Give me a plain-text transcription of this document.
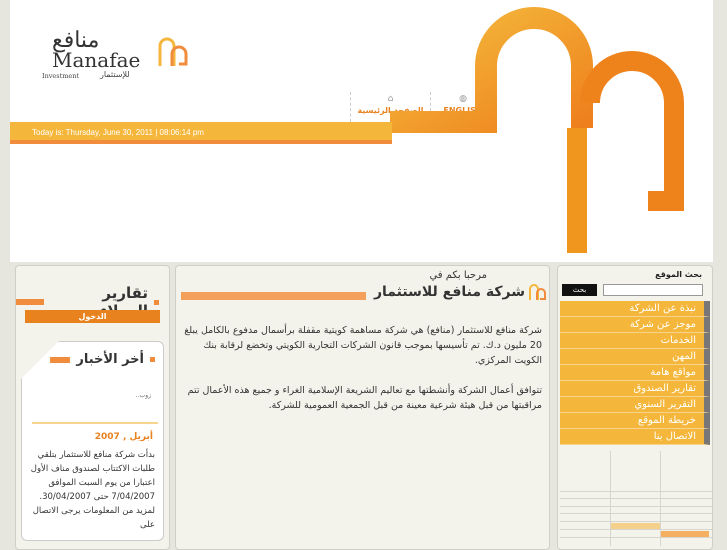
منافع
Manafae
Investment	للإستثمار
⌂
الصفحة الرئيسية
◍
ENGLISH
Today is: Thursday, June 30, 2011 | 08:06:14 pm
تقارير
الدخول
أخر الأخبار
..زوب
أبريل , 2007
بدأت شركة منافع للاستثمار بتلقي طلبات الاكتتاب لصندوق مناف الأول اعتبارا من يوم السبت الموافق 7/04/2007 حتى 30/04/2007. لمزيد من المعلومات يرجى الاتصال على
مرحبا بكم في
شركة منافع للاستثمار
شركة منافع للاستثمار (منافع) هي شركة مساهمة كويتية مقفلة برأسمال مدفوع بالكامل يبلغ 20 مليون د.ك. تم تأسيسها بموجب قانون الشركات التجارية الكويتي وتخضع لرقابة بنك الكويت المركزي.
تتوافق أعمال الشركة وأنشطتها مع تعاليم الشريعة الإسلامية الغراء و جميع هذه الأعمال تتم مراقبتها من قبل هيئة شرعية معينة من قبل الجمعية العمومية للشركة.
بحث الموقع
بحث
نبذة عن الشركة
موجز عن شركة
الخدمات
المهن
مواقع هامة
تقارير الصندوق
التقرير السنوي
خريطة الموقع
الاتصال بنا
